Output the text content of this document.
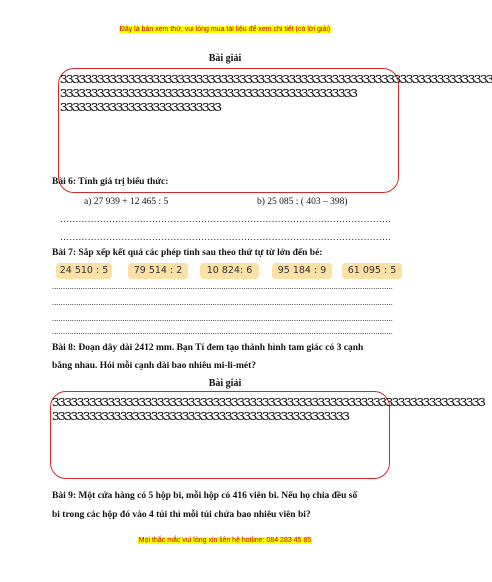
Đây là bản xem thử, vui lòng mua tài liệu để xem chi tiết (có lời giải)
Bài giải
ɜɜɜɜɜɜɜɜɜɜɜɜɜɜɜɜɜɜɜɜɜɜɜɜɜɜɜɜɜɜɜɜɜɜɜɜɜɜɜɜɜɜɜɜɜɜɜɜɜɜɜɜɜɜɜɜɜɜɜɜɜɜɜɜɜɜɜɜɜɜ
ɜɜɜɜɜɜɜɜɜɜɜɜɜɜɜɜɜɜɜɜɜɜɜɜɜɜɜɜɜɜɜɜɜɜɜɜɜɜɜɜɜɜɜɜɜɜɜɜ
ɜɜɜɜɜɜɜɜɜɜɜɜɜɜɜɜɜɜɜɜɜɜɜɜɜɜ
Bài 6: Tính giá trị biểu thức:
a) 27 939 + 12 465 : 5	b) 25 085 : ( 403 – 398)
………………………………………………………………………………………………
………………………………………………………………………………………………
Bài 7: Sắp xếp kết quả các phép tính sau theo thứ tự từ lớn đến bé:
24 510 : 5	79 514 : 2	10 824: 6	95 184 : 9	61 095 : 5
...........................................................................................................................................................
...........................................................................................................................................................
...........................................................................................................................................................
...........................................................................................................................................................
Bài 8: Đoạn dây dài 2412 mm. Bạn Tí đem tạo thành hình tam giác có 3 cạnh
bằng nhau. Hỏi mỗi cạnh dài bao nhiêu mi-li-mét?
Bài giải
ɜɜɜɜɜɜɜɜɜɜɜɜɜɜɜɜɜɜɜɜɜɜɜɜɜɜɜɜɜɜɜɜɜɜɜɜɜɜɜɜɜɜɜɜɜɜɜɜɜɜɜɜɜɜɜɜɜɜɜɜɜɜɜɜɜɜɜɜɜɜ
ɜɜɜɜɜɜɜɜɜɜɜɜɜɜɜɜɜɜɜɜɜɜɜɜɜɜɜɜɜɜɜɜɜɜɜɜɜɜɜɜɜɜɜɜɜɜɜɜ
Bài 9: Một cửa hàng có 5 hộp bi, mỗi hộp có 416 viên bi. Nếu họ chia đều số
bi trong các hộp đó vào 4 túi thì mỗi túi chứa bao nhiêu viên bi?
Mọi thắc mắc vui lòng xin liên hệ hotline: 084 283 45 85
